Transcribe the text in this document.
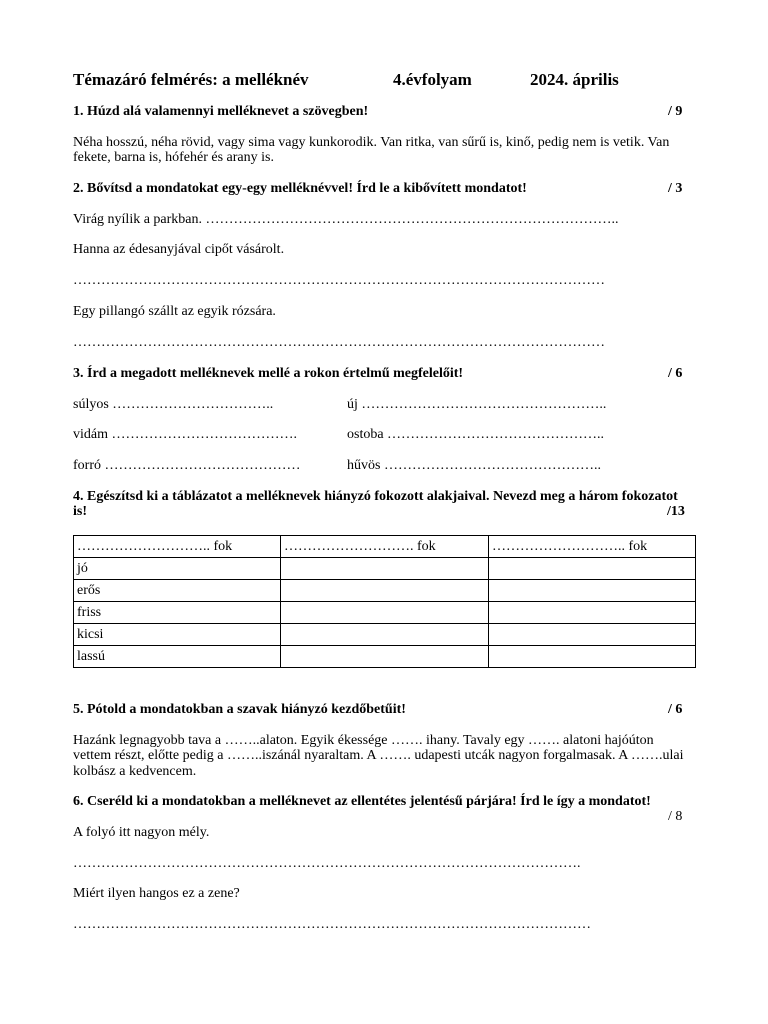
Témazáró felmérés: a melléknév	4.évfolyam	2024. április
1. Húzd alá valamennyi melléknevet a szövegben!	/ 9
Néha hosszú, néha rövid, vagy sima vagy kunkorodik. Van ritka, van sűrű is, kinő, pedig nem is vetik. Van
fekete, barna is, hófehér és arany is.
2. Bővítsd a mondatokat egy-egy melléknévvel! Írd le a kibővített mondatot!	/ 3
Virág nyílik a parkban. ……………………………………………………………………………..
Hanna az édesanyjával cipőt vásárolt.
……………………………………………………………………………………………………
Egy pillangó szállt az egyik rózsára.
……………………………………………………………………………………………………
3. Írd a megadott melléknevek mellé a rokon értelmű megfelelőit!	/ 6
súlyos ……………………………..	új ……………………………………………..
vidám ………………………………….	ostoba ………………………………………..
forró ……………………………………	hűvös ………………………………………..
4. Egészítsd ki a táblázatot a melléknevek hiányzó fokozott alakjaival. Nevezd meg a három fokozatot
is!	/13
……………………….. fok	………………………. fok	……………………….. fok
jó		
erős		
friss		
kicsi		
lassú		
5. Pótold a mondatokban a szavak hiányzó kezdőbetűit!	/ 6
Hazánk legnagyobb tava a ……..alaton. Egyik ékessége ……. ihany. Tavaly egy ……. alatoni hajóúton
vettem részt, előtte pedig a ……..iszánál nyaraltam. A ……. udapesti utcák nagyon forgalmasak. A …….ulai
kolbász a kedvencem.
6. Cseréld ki a mondatokban a melléknevet az ellentétes jelentésű párjára! Írd le így a mondatot!
/ 8
A folyó itt nagyon mély.
……………………………………………………………………………………………….
Miért ilyen hangos ez a zene?
…………………………………………………………………………………………………
